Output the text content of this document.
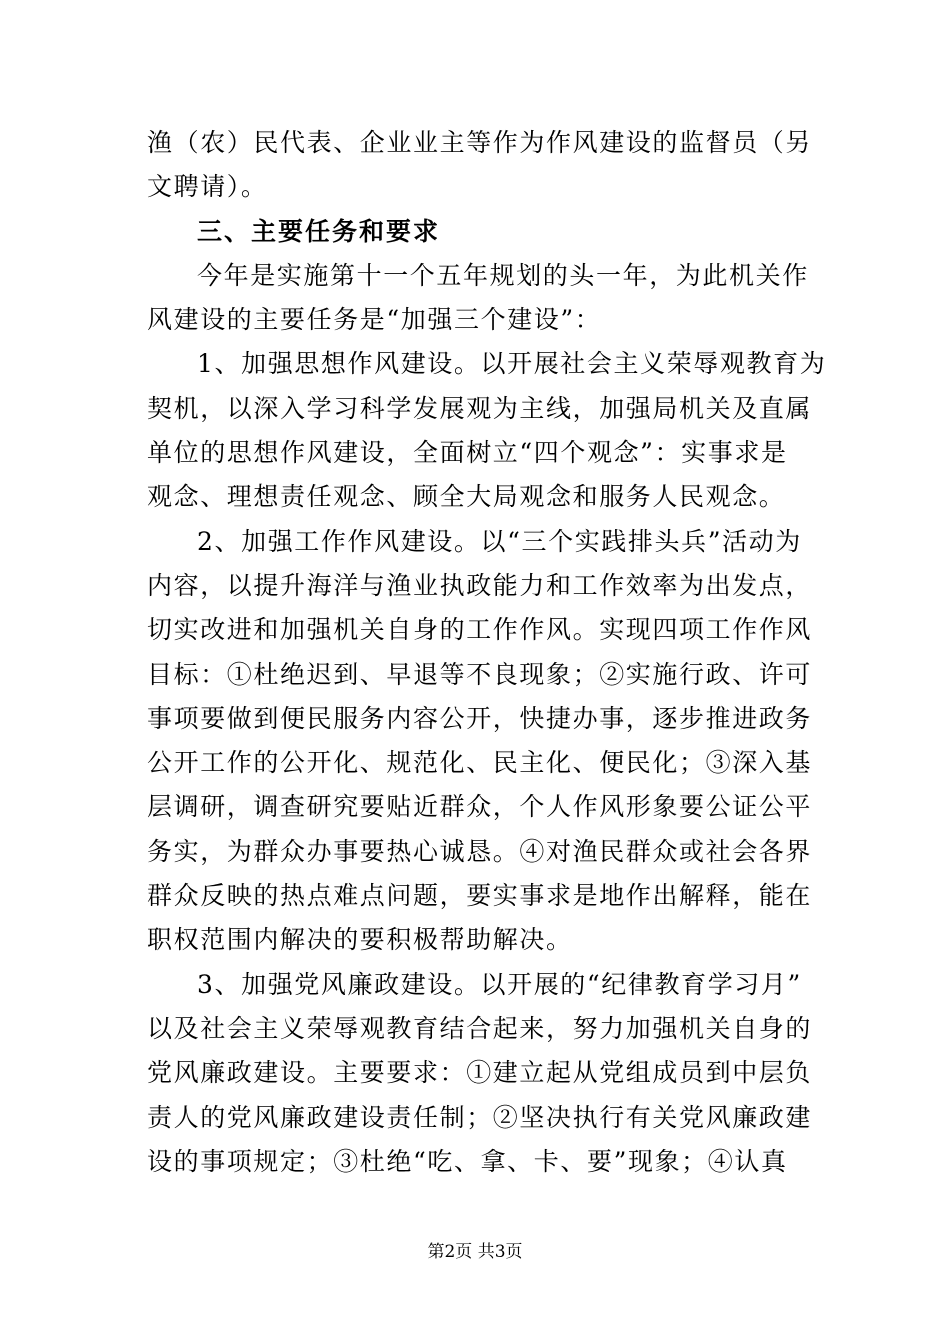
渔（农）民代表、企业业主等作为作风建设的监督员（另
文聘请）。
三、主要任务和要求
今年是实施第十一个五年规划的头一年，为此机关作
风建设的主要任务是“加强三个建设”：
1、加强思想作风建设。以开展社会主义荣辱观教育为
契机，以深入学习科学发展观为主线，加强局机关及直属
单位的思想作风建设，全面树立“四个观念”：实事求是
观念、理想责任观念、顾全大局观念和服务人民观念。
2、加强工作作风建设。以“三个实践排头兵”活动为
内容，以提升海洋与渔业执政能力和工作效率为出发点，
切实改进和加强机关自身的工作作风。实现四项工作作风
目标：①杜绝迟到、早退等不良现象；②实施行政、许可
事项要做到便民服务内容公开，快捷办事，逐步推进政务
公开工作的公开化、规范化、民主化、便民化；③深入基
层调研，调查研究要贴近群众，个人作风形象要公证公平
务实，为群众办事要热心诚恳。④对渔民群众或社会各界
群众反映的热点难点问题，要实事求是地作出解释，能在
职权范围内解决的要积极帮助解决。
3、加强党风廉政建设。以开展的“纪律教育学习月”
以及社会主义荣辱观教育结合起来，努力加强机关自身的
党风廉政建设。主要要求：①建立起从党组成员到中层负
责人的党风廉政建设责任制；②坚决执行有关党风廉政建
设的事项规定；③杜绝“吃、拿、卡、要”现象；④认真
第2页 共3页
